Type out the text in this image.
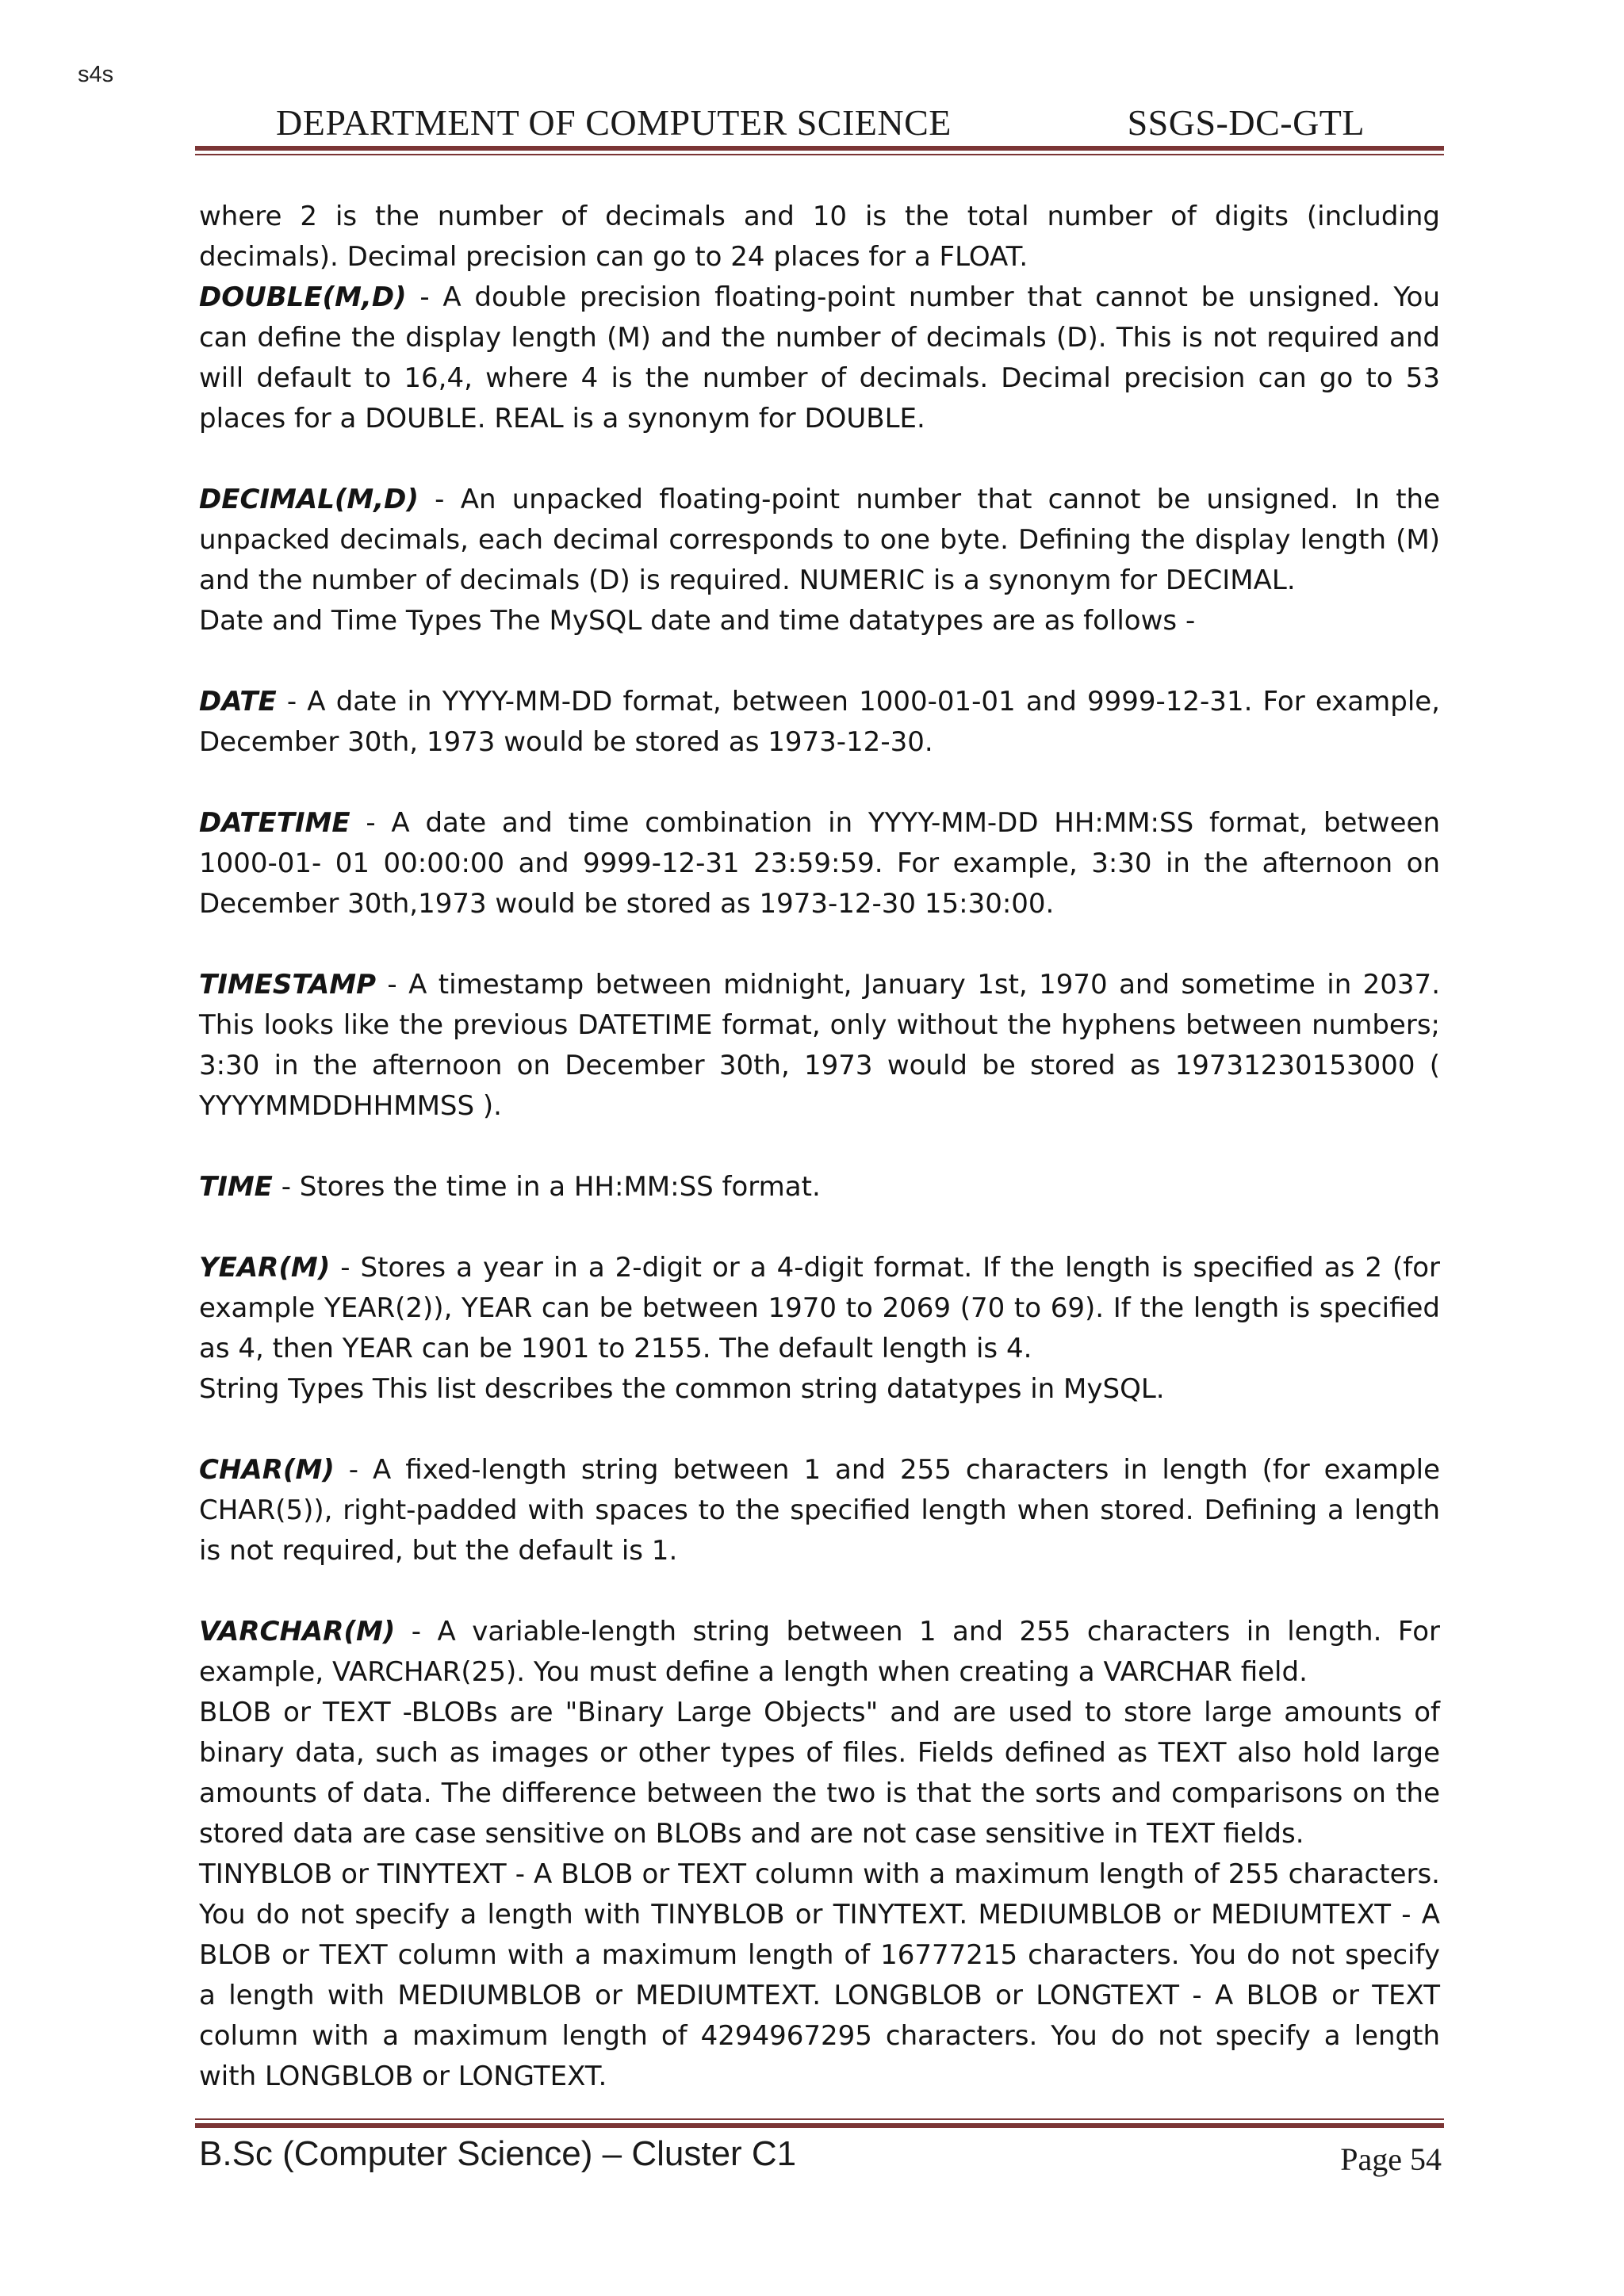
s4s
DEPARTMENT OF COMPUTER SCIENCE	SSGS-DC-GTL

where 2 is the number of decimals and 10 is the total number of digits (including decimals). Decimal precision can go to 24 places for a FLOAT.

DOUBLE(M,D) - A double precision floating-point number that cannot be unsigned. You can define the display length (M) and the number of decimals (D). This is not required and will default to 16,4, where 4 is the number of decimals. Decimal precision can go to 53 places for a DOUBLE. REAL is a synonym for DOUBLE.

DECIMAL(M,D) - An unpacked floating-point number that cannot be unsigned. In the unpacked decimals, each decimal corresponds to one byte. Defining the display length (M) and the number of decimals (D) is required. NUMERIC is a synonym for DECIMAL.

Date and Time Types The MySQL date and time datatypes are as follows -

DATE - A date in YYYY-MM-DD format, between 1000-01-01 and 9999-12-31. For example, December 30th, 1973 would be stored as 1973-12-30.

DATETIME - A date and time combination in YYYY-MM-DD HH:MM:SS format, between 1000-01- 01 00:00:00 and 9999-12-31 23:59:59. For example, 3:30 in the afternoon on December 30th,1973 would be stored as 1973-12-30 15:30:00.

TIMESTAMP - A timestamp between midnight, January 1st, 1970 and sometime in 2037. This looks like the previous DATETIME format, only without the hyphens between numbers; 3:30 in the afternoon on December 30th, 1973 would be stored as 19731230153000 ( YYYYMMDDHHMMSS ).

TIME - Stores the time in a HH:MM:SS format.

YEAR(M) - Stores a year in a 2-digit or a 4-digit format. If the length is specified as 2 (for example YEAR(2)), YEAR can be between 1970 to 2069 (70 to 69). If the length is specified as 4, then YEAR can be 1901 to 2155. The default length is 4.

String Types This list describes the common string datatypes in MySQL.

CHAR(M) - A fixed-length string between 1 and 255 characters in length (for example CHAR(5)), right-padded with spaces to the specified length when stored. Defining a length is not required, but the default is 1.

VARCHAR(M) - A variable-length string between 1 and 255 characters in length. For example, VARCHAR(25). You must define a length when creating a VARCHAR field.

BLOB or TEXT -BLOBs are "Binary Large Objects" and are used to store large amounts of binary data, such as images or other types of files. Fields defined as TEXT also hold large amounts of data. The difference between the two is that the sorts and comparisons on the stored data are case sensitive on BLOBs and are not case sensitive in TEXT fields.

TINYBLOB or TINYTEXT - A BLOB or TEXT column with a maximum length of 255 characters. You do not specify a length with TINYBLOB or TINYTEXT. MEDIUMBLOB or MEDIUMTEXT - A BLOB or TEXT column with a maximum length of 16777215 characters. You do not specify a length with MEDIUMBLOB or MEDIUMTEXT. LONGBLOB or LONGTEXT - A BLOB or TEXT column with a maximum length of 4294967295 characters. You do not specify a length with LONGBLOB or LONGTEXT.

B.Sc (Computer Science) – Cluster C1	Page 54
